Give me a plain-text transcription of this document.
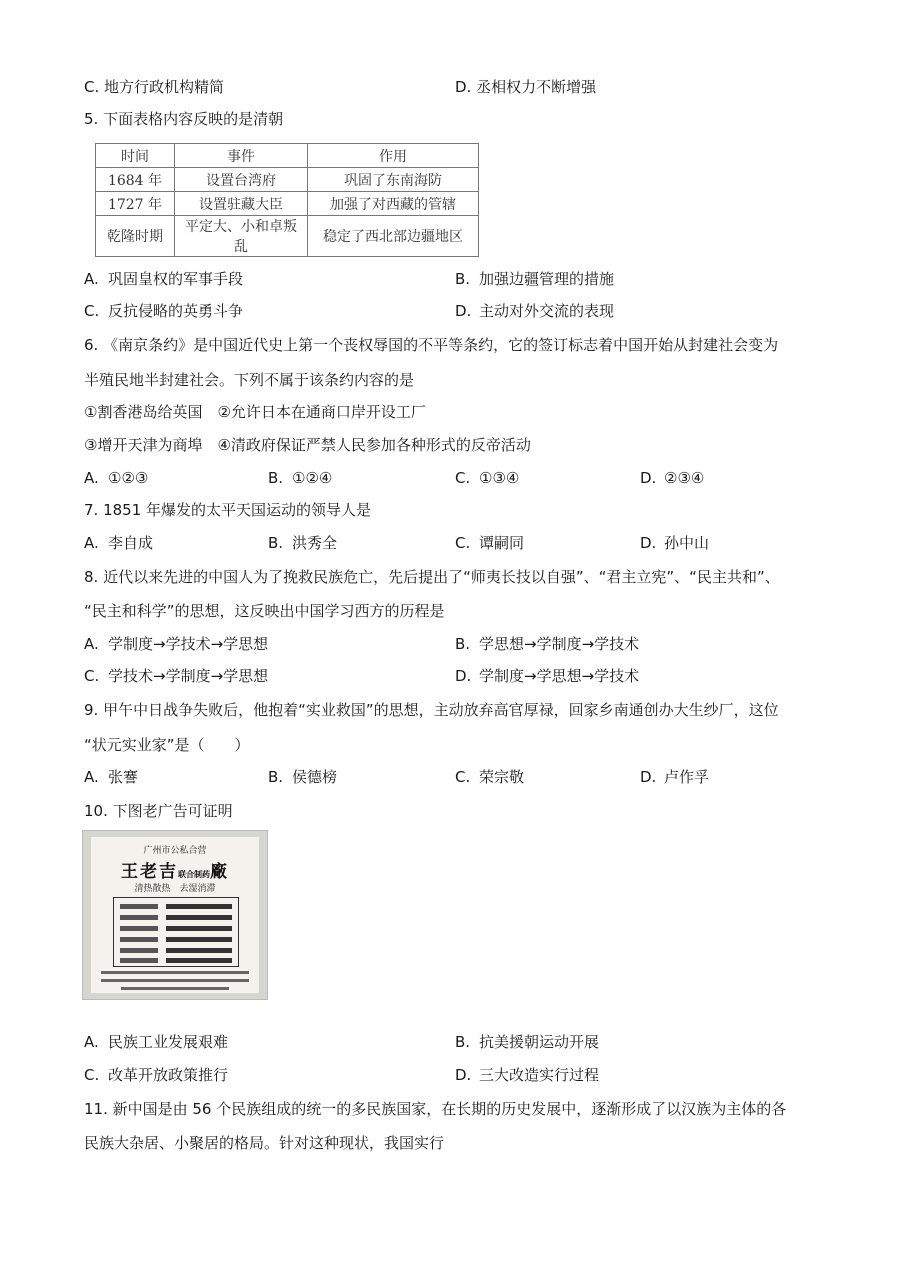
C. 地方行政机构精简	D. 丞相权力不断增强
5. 下面表格内容反映的是清朝
时间	事件	作用
1684 年	设置台湾府	巩固了东南海防
1727 年	设置驻藏大臣	加强了对西藏的管辖
乾隆时期	平定大、小和卓叛乱	稳定了西北部边疆地区
A. 巩固皇权的军事手段	B. 加强边疆管理的措施
C. 反抗侵略的英勇斗争	D. 主动对外交流的表现
6. 《南京条约》是中国近代史上第一个丧权辱国的不平等条约，它的签订标志着中国开始从封建社会变为
半殖民地半封建社会。下列不属于该条约内容的是
①割香港岛给英国　②允许日本在通商口岸开设工厂
③增开天津为商埠　④清政府保证严禁人民参加各种形式的反帝活动
A. ①②③	B. ①②④	C. ①③④	D. ②③④
7. 1851 年爆发的太平天国运动的领导人是
A. 李自成	B. 洪秀全	C. 谭嗣同	D. 孙中山
8. 近代以来先进的中国人为了挽救民族危亡，先后提出了“师夷长技以自强”、“君主立宪”、“民主共和”、
“民主和科学”的思想，这反映出中国学习西方的历程是
A. 学制度→学技术→学思想	B. 学思想→学制度→学技术
C. 学技术→学制度→学思想	D. 学制度→学思想→学技术
9. 甲午中日战争失败后，他抱着“实业救国”的思想，主动放弃高官厚禄，回家乡南通创办大生纱厂，这位
“状元实业家”是（　　）
A. 张謇	B. 侯德榜	C. 荣宗敬	D. 卢作孚
10. 下图老广告可证明
广州市公私合营
王老吉联合制药廠
清热散热　去湿消滞
A. 民族工业发展艰难	B. 抗美援朝运动开展
C. 改革开放政策推行	D. 三大改造实行过程
11. 新中国是由 56 个民族组成的统一的多民族国家，在长期的历史发展中，逐渐形成了以汉族为主体的各
民族大杂居、小聚居的格局。针对这种现状，我国实行
